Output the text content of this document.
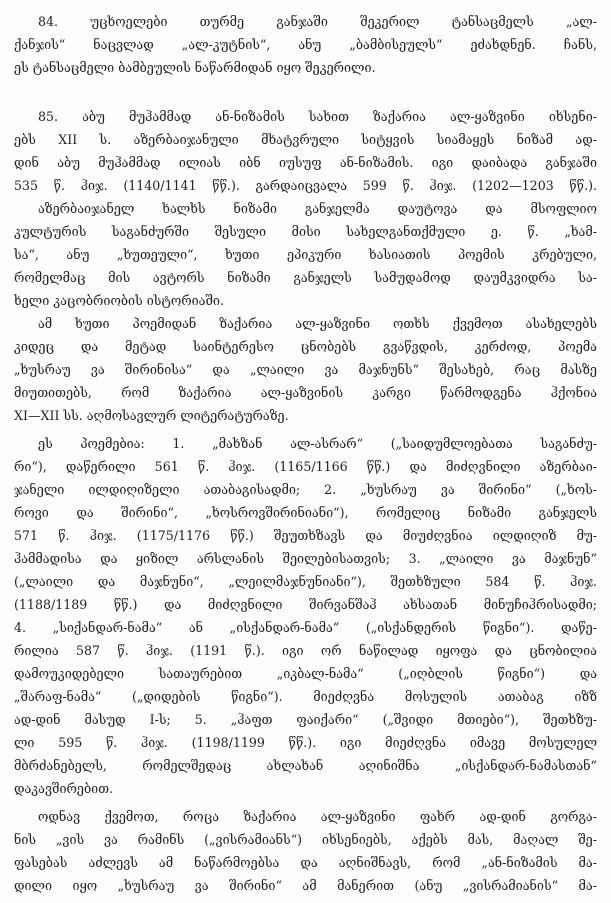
84. უცხოელები თურმე განჯაში შეკერილ ტანსაცმელს „ალ-
ქანჯის“ ნაცვლად „ალ-კუტნის“, ანუ „ბამბისეულს“ ეძახდნენ. ჩანს,
ეს ტანსაცმელი ბამბეულის ნაწარმიდან იყო შეკერილი.
85. აბუ მუჰამმად ან-ნიზამის სახით ზაქარია ალ-ყაზვინი იხსენი-
ებს XII ს. აზერბაიჯანული მხატვრული სიტყვის სიამაყეს ნიზამ ად-
დინ აბუ მუჰამმად ილიას იბნ იუსუფ ან-ნიზამის. იგი დაიბადა განჯაში
535 წ. ჰიჯ. (1140/1141 წწ.). გარდაიცვალა 599 წ. ჰიჯ. (1202—1203 წწ.).
აზერბაიჯანელ ხალხს ნიზამი განჯელმა დაუტოვა და მსოფლიო
კულტურის საგანძურში შესული მისი სახელგანთქმული ე. წ. „ხამ-
სა“, ანუ „ხუთეული“, ხუთი ეპიკური ხასიათის პოემის კრებული,
რომელმაც მის ავტორს ნიზამი განჯელს სამუდამოდ დაუმკვიდრა სა-
ხელი კაცობრიობის ისტორიაში.
ამ ხუთი პოემიდან ზაქარია ალ-ყაზვინი ოთხს ქვემოთ ასახელებს
კიდეც და მეტად საინტერესო ცნობებს გვაწვდის, კერძოდ, პოემა
„ხუსრაუ ვა შირინისა“ და „ლაილი ვა მაჯნუნს“ შესახებ, რაც მასზე
მიუთითებს, რომ ზაქარია ალ-ყაზვინის კარგი წარმოდგენა ჰქონია
XI—XII სს. აღმოსავლურ ლიტერატურაზე.
ეს პოემებია: 1. „მახზან ალ-ასრარ“ („საიდუმლოებათა საგანძუ-
რი“), დაწერილი 561 წ. ჰიჯ. (1165/1166 წწ.) და მიძღვნილი აზერბაი-
ჯანელი ილდიღიზელი ათაბაგისადმი; 2. „ხუსრაუ ვა შირინი“ („ხოს-
როვი და შირინი“, „ხოსროვშირინიანი“), რომელიც ნიზამი განჯელს
571 წ. ჰიჯ. (1175/1176 წწ.) შეუთხზავს და მიუძღვნია ილდიღიზ მუ-
ჰამმადისა და ყიზილ არსლანის შეილებისათვის; 3. „ლაილი ვა მაჯნუნ“
(„ლაილი და მაჯნუნი“, „ლეილმაჯნუნიანი“), შეთხზული 584 წ. ჰიჯ.
(1188/1189 წწ.) და მიძღვნილი შირვანშაჰ ახსათან მინუჩიჰრისადმი;
4. „სიქანდარ-ნამა“ ან „ისქანდარ-ნამა“ („ისქანდერის წიგნი“). დაწე-
რილია 587 წ. ჰიჯ. (1191 წ.). იგი ორ ნაწილად იყოფა და ცნობილია
დამოუკიდებელი სათაურებით „იკბალ-ნამა“ („იღბლის წიგნი“) და
„შარაფ-ნამა“ („დიდების წიგნი“). მიეძღვნა მოსულის ათაბაგ იზზ
ად-დინ მასუდ I-ს; 5. „ჰაფთ ფაიქარი“ („შვიდი მთიები“), შეთხზუ-
ლი 595 წ. ჰიჯ. (1198/1199 წწ.). იგი მიეძღვნა იმავე მოსულელ
მბრძანებელს, რომელშედაც ახლახან აღინიშნა „ისქანდარ-ნამასთან“
დაკავშირებით.
ოდნავ ქვემოთ, როცა ზაქარია ალ-ყაზვინი ფახრ ად-დინ გორგა-
ნის „ვის ვა რამინს („ვისრამიანს“) იხსენიებს, აქებს მას, მაღალ შე-
ფასებას აძლევს ამ ნაწარმოებსა და აღნიშნავს, რომ „ან-ნიზამის მა-
დილი იყო „ხუსრაუ ვა შირინი“ ამ მანერით (ანუ „ვისრამიანის“ მა-
